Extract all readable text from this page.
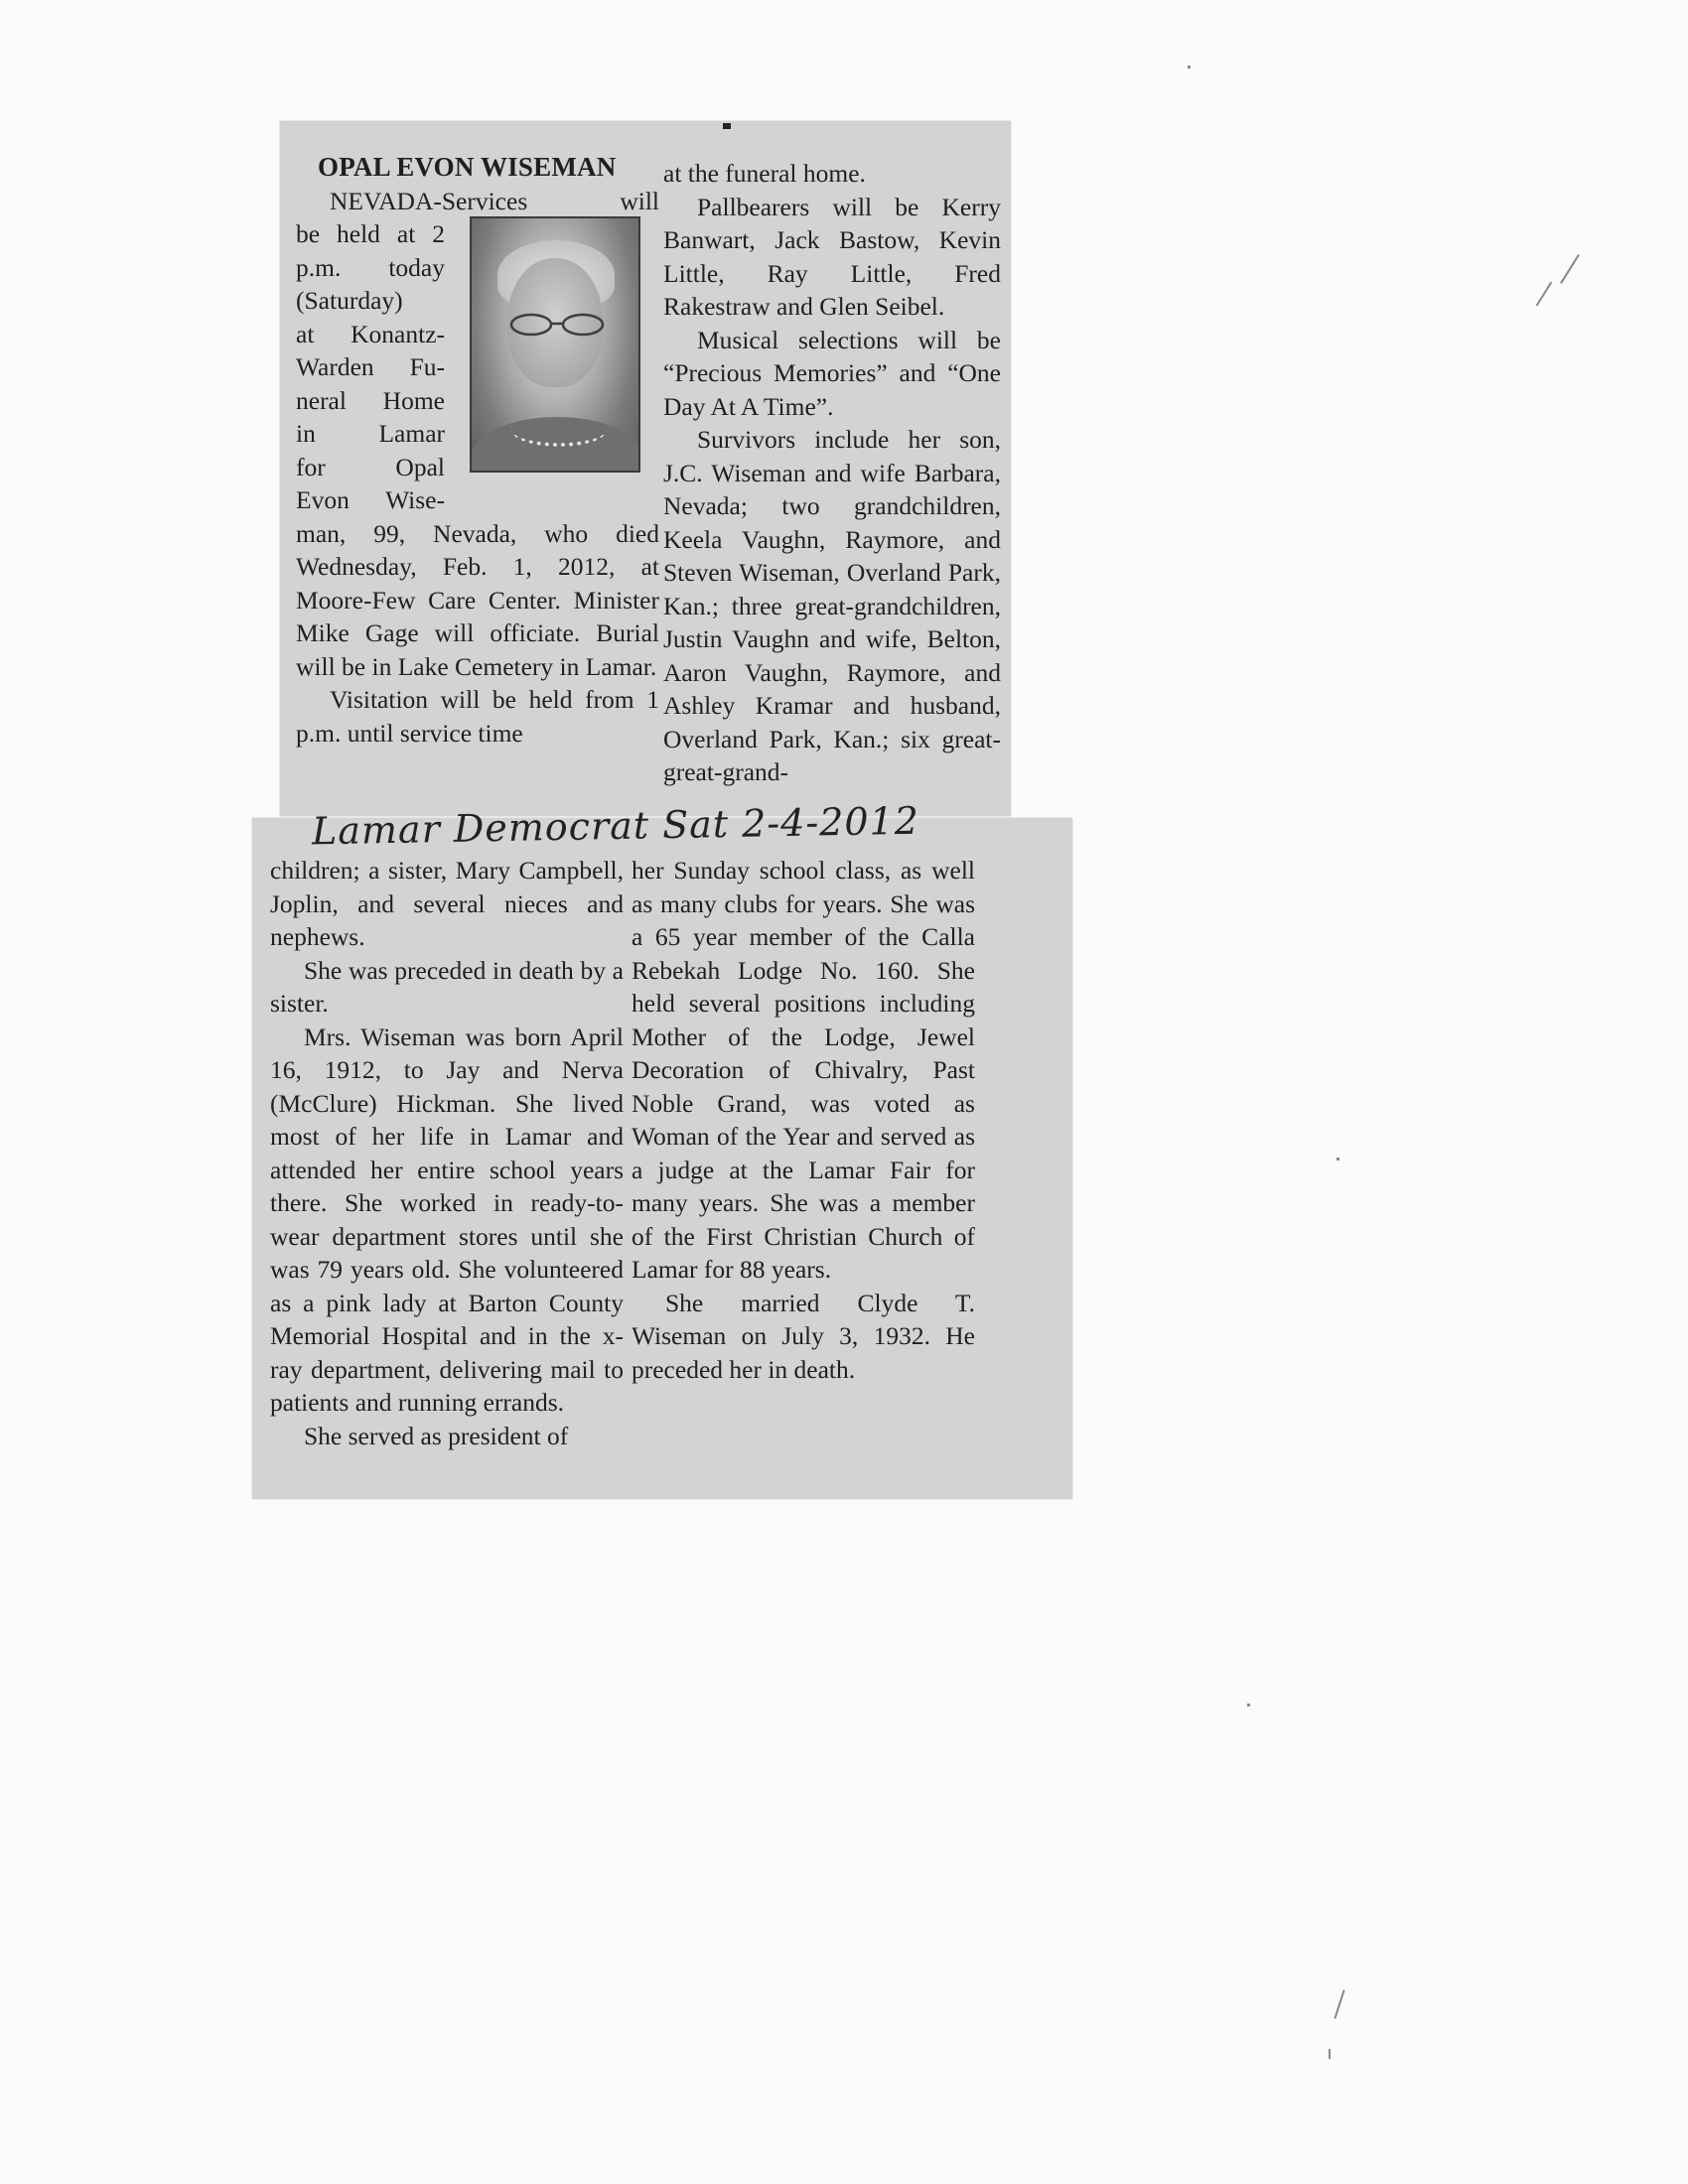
OPAL EVON WISEMAN

NEVADA-Services will

be held at 2
p.m. today
(Saturday)
at Konantz-
Warden Fu-
neral Home
in Lamar
for Opal
Evon Wise-

man, 99, Nevada, who died Wednesday, Feb. 1, 2012, at Moore-Few Care Center. Minister Mike Gage will officiate. Burial will be in Lake Cemetery in Lamar.

Visitation will be held from 1 p.m. until service time

at the funeral home.

Pallbearers will be Kerry Banwart, Jack Bastow, Kevin Little, Ray Little, Fred Rakestraw and Glen Seibel.

Musical selections will be “Precious Memories” and “One Day At A Time”.

Survivors include her son, J.C. Wiseman and wife Barbara, Nevada; two grandchildren, Keela Vaughn, Raymore, and Steven Wiseman, Overland Park, Kan.; three great-grandchildren, Justin Vaughn and wife, Belton, Aaron Vaughn, Raymore, and Ashley Kramar and husband, Overland Park, Kan.; six great-great-grand-

children; a sister, Mary Campbell, Joplin, and several nieces and nephews.

She was preceded in death by a sister.

Mrs. Wiseman was born April 16, 1912, to Jay and Nerva (McClure) Hickman. She lived most of her life in Lamar and attended her entire school years there. She worked in ready-to-wear department stores until she was 79 years old. She volunteered as a pink lady at Barton County Memorial Hospital and in the x-ray department, delivering mail to patients and running errands.

She served as president of

her Sunday school class, as well as many clubs for years. She was a 65 year member of the Calla Rebekah Lodge No. 160. She held several positions including Mother of the Lodge, Jewel Decoration of Chivalry, Past Noble Grand, was voted as Woman of the Year and served as a judge at the Lamar Fair for many years. She was a member of the First Christian Church of Lamar for 88 years.

She married Clyde T. Wiseman on July 3, 1932. He preceded her in death.

Lamar Democrat Sat 2-4-2012
